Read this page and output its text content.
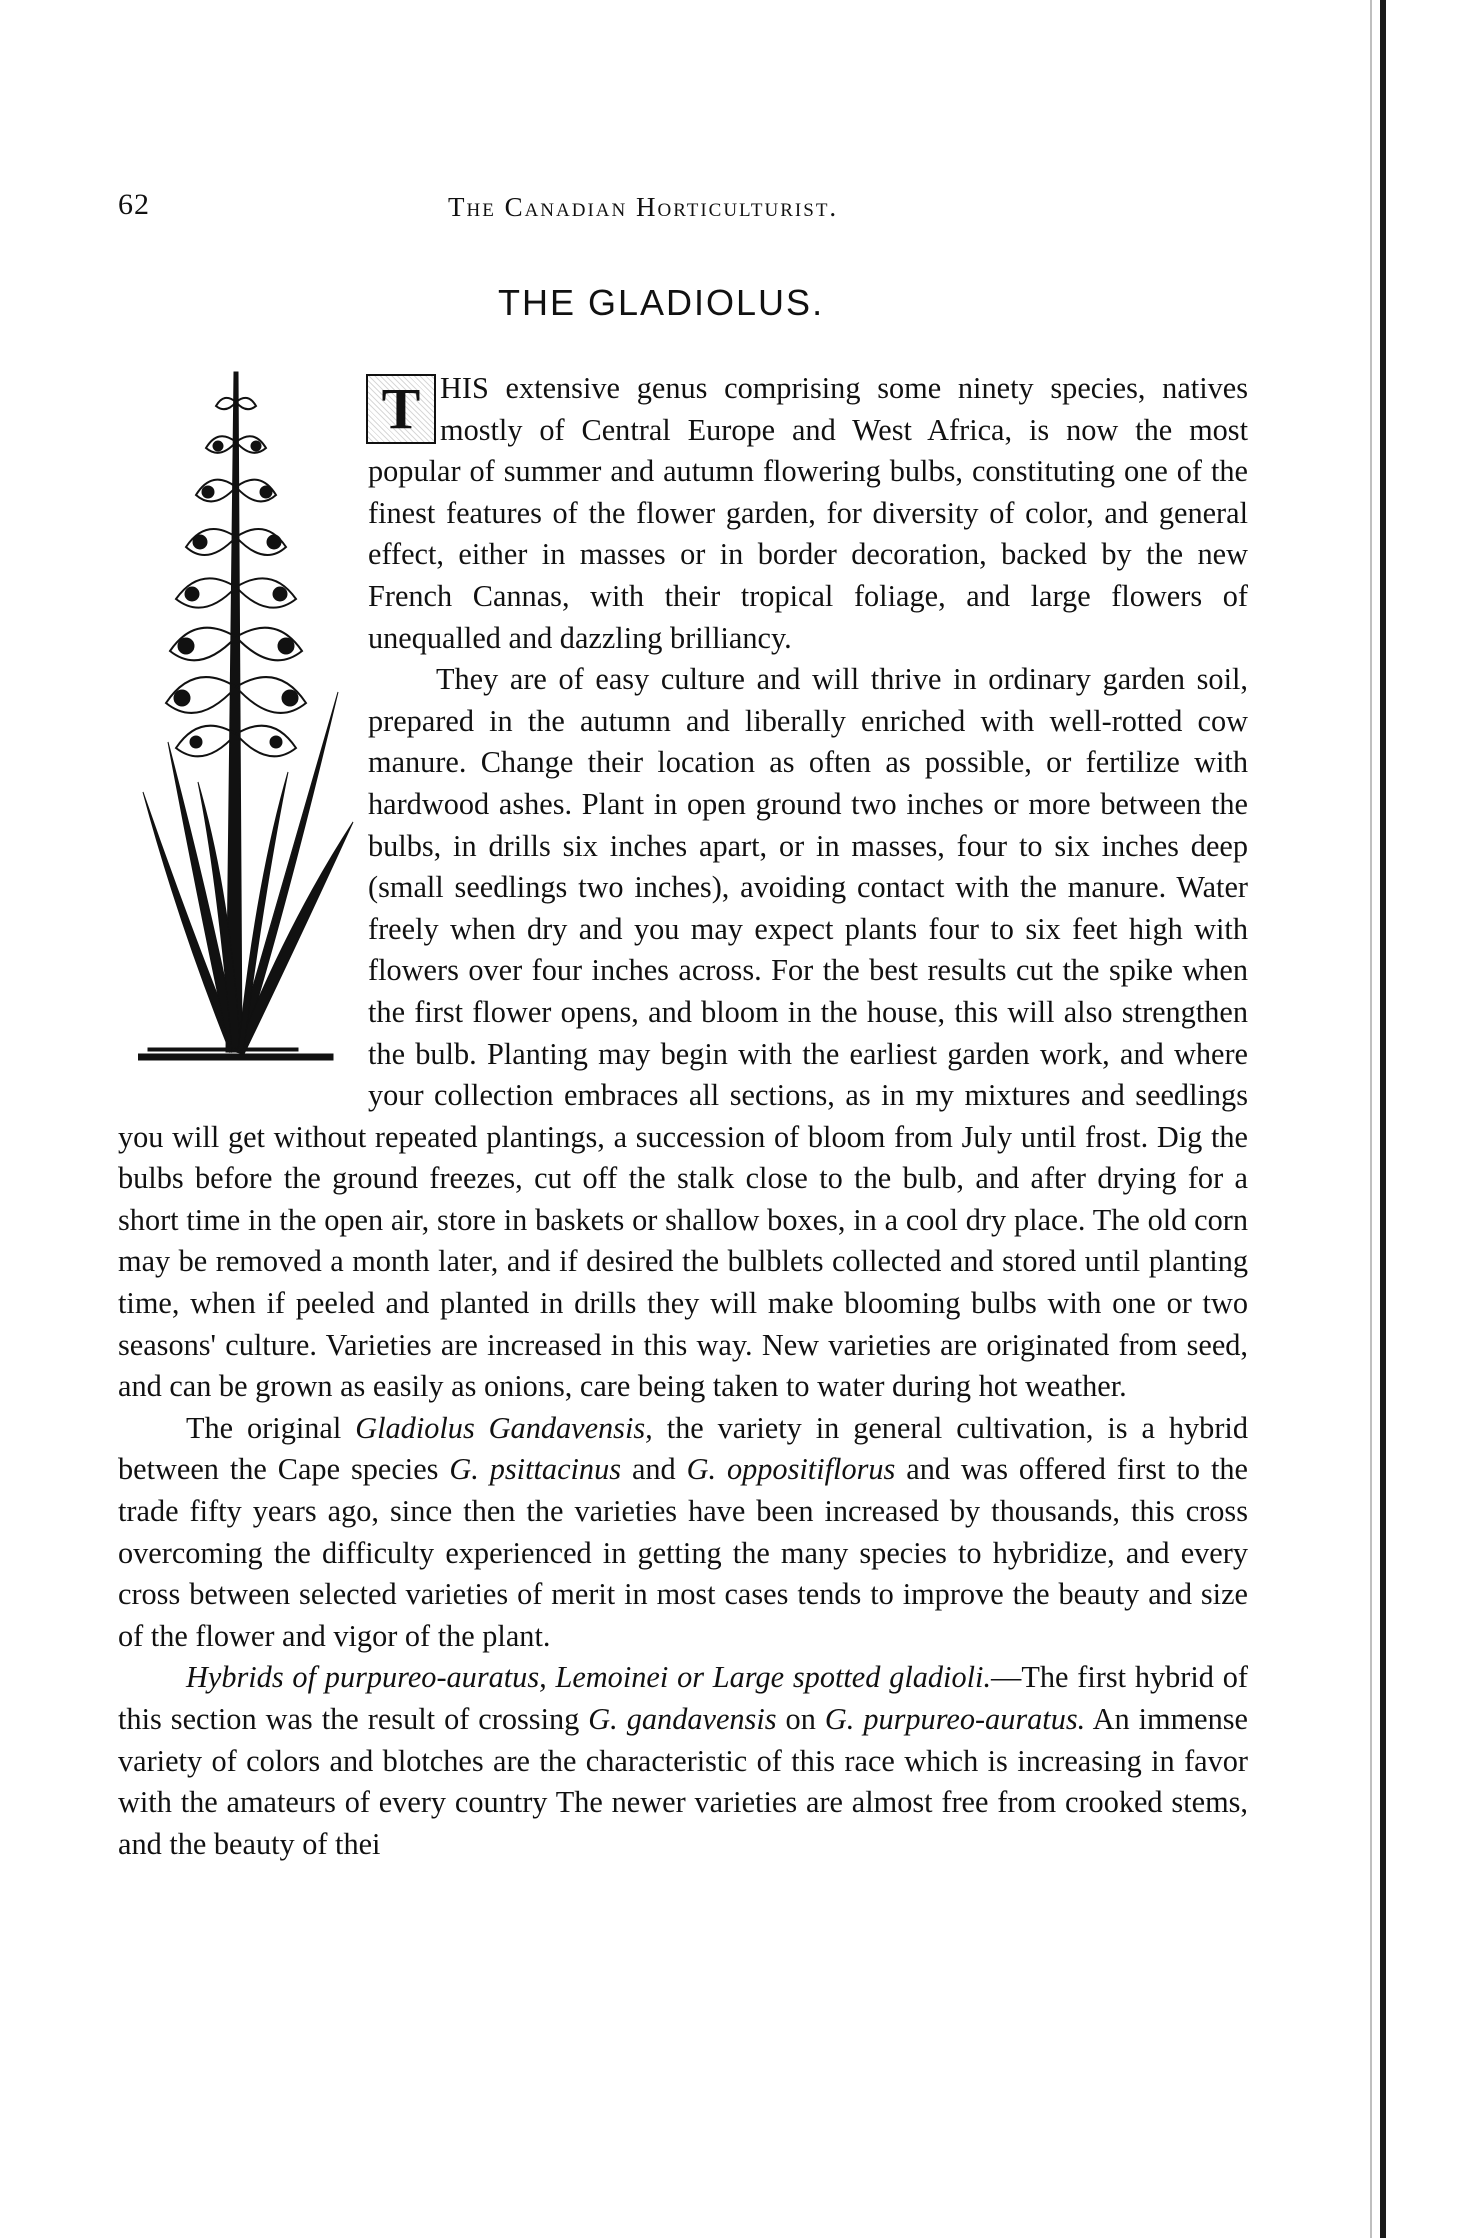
62	The Canadian Horticulturist.
THE GLADIOLUS.

T HIS extensive genus comprising some ninety species, natives mostly of Central Europe and West Africa, is now the most popular of summer and autumn flowering bulbs, constituting one of the finest features of the flower garden, for diversity of color, and general effect, either in masses or in border decoration, backed by the new French Cannas, with their tropical foliage, and large flowers of unequalled and dazzling brilliancy.

They are of easy culture and will thrive in ordinary garden soil, prepared in the autumn and liberally enriched with well-rotted cow manure. Change their location as often as possible, or fertilize with hardwood ashes. Plant in open ground two inches or more between the bulbs, in drills six inches apart, or in masses, four to six inches deep (small seedlings two inches), avoiding contact with the manure. Water freely when dry and you may expect plants four to six feet high with flowers over four inches across. For the best results cut the spike when the first flower opens, and bloom in the house, this will also strengthen the bulb. Planting may begin with the earliest garden work, and where your collection embraces all sections, as in my mixtures and seedlings you will get without repeated plantings, a succession of bloom from July until frost. Dig the bulbs before the ground freezes, cut off the stalk close to the bulb, and after drying for a short time in the open air, store in baskets or shallow boxes, in a cool dry place. The old corn may be removed a month later, and if desired the bulblets collected and stored until planting time, when if peeled and planted in drills they will make blooming bulbs with one or two seasons' culture. Varieties are increased in this way. New varieties are originated from seed, and can be grown as easily as onions, care being taken to water during hot weather.

The original Gladiolus Gandavensis, the variety in general cultivation, is a hybrid between the Cape species G. psittacinus and G. oppositiflorus and was offered first to the trade fifty years ago, since then the varieties have been increased by thousands, this cross overcoming the difficulty experienced in getting the many species to hybridize, and every cross between selected varieties of merit in most cases tends to improve the beauty and size of the flower and vigor of the plant.

Hybrids of purpureo-auratus, Lemoinei or Large spotted gladioli.—The first hybrid of this section was the result of crossing G. gandavensis on G. purpureo-auratus. An immense variety of colors and blotches are the characteristic of this race which is increasing in favor with the amateurs of every country The newer varieties are almost free from crooked stems, and the beauty of thei
